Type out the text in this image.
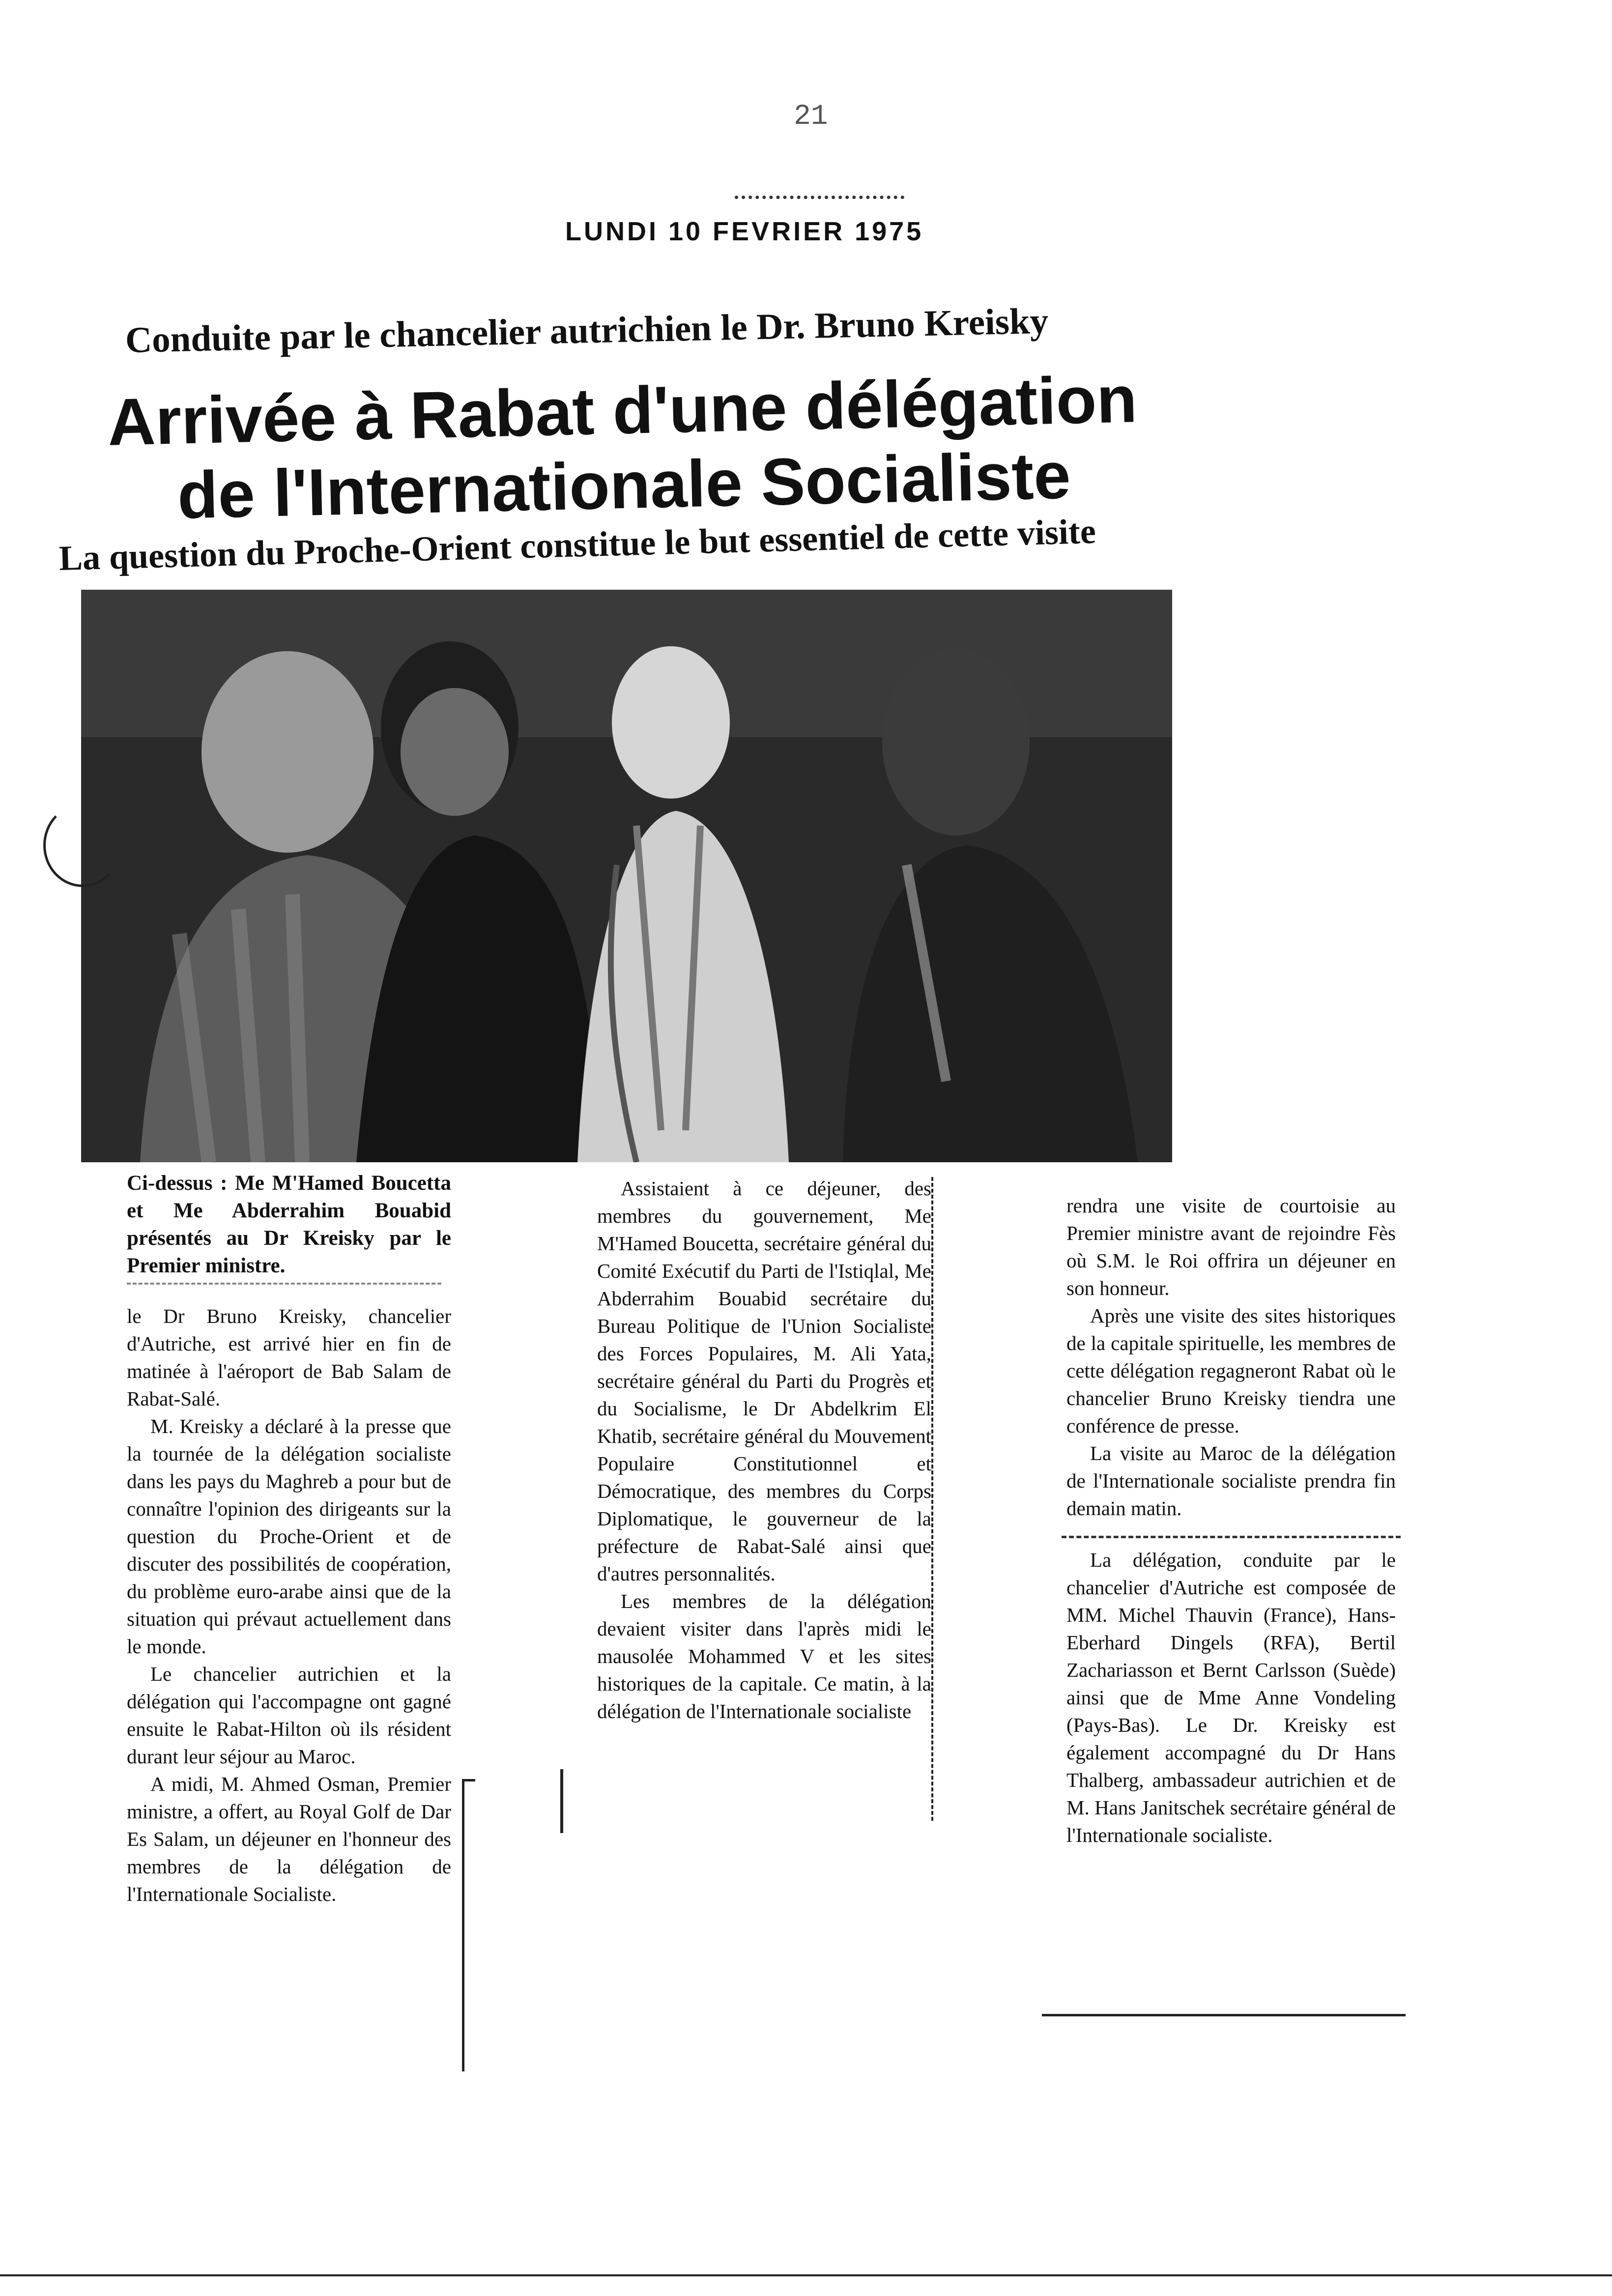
21
LUNDI 10 FEVRIER 1975
Conduite par le chancelier autrichien le Dr. Bruno Kreisky
Arrivée à Rabat d'une délégation
de l'Internationale Socialiste
La question du Proche-Orient constitue le but essentiel de cette visite

Ci-dessus : Me M'Hamed Boucetta et Me Abderrahim Bouabid présentés au Dr Kreisky par le Premier ministre.

le Dr Bruno Kreisky, chancelier d'Autriche, est arrivé hier en fin de matinée à l'aéroport de Bab Salam de Rabat-Salé.

M. Kreisky a déclaré à la presse que la tournée de la délégation socialiste dans les pays du Maghreb a pour but de connaître l'opinion des dirigeants sur la question du Proche-Orient et de discuter des possibilités de coopération, du problème euro-arabe ainsi que de la situation qui prévaut actuellement dans le monde.

Le chancelier autrichien et la délégation qui l'accompagne ont gagné ensuite le Rabat-Hilton où ils résident durant leur séjour au Maroc.

A midi, M. Ahmed Osman, Premier ministre, a offert, au Royal Golf de Dar Es Salam, un déjeuner en l'honneur des membres de la délégation de l'Internationale Socialiste.

Assistaient à ce déjeuner, des membres du gouvernement, Me M'Hamed Boucetta, secrétaire général du Comité Exécutif du Parti de l'Istiqlal, Me Abderrahim Bouabid secrétaire du Bureau Politique de l'Union Socialiste des Forces Populaires, M. Ali Yata, secrétaire général du Parti du Progrès et du Socialisme, le Dr Abdelkrim El Khatib, secrétaire général du Mouvement Populaire Constitutionnel et Démocratique, des membres du Corps Diplomatique, le gouverneur de la préfecture de Rabat-Salé ainsi que d'autres personnalités.

Les membres de la délégation devaient visiter dans l'après midi le mausolée Mohammed V et les sites historiques de la capitale. Ce matin, à la délégation de l'Internationale socialiste

rendra une visite de courtoisie au Premier ministre avant de rejoindre Fès où S.M. le Roi offrira un déjeuner en son honneur.

Après une visite des sites historiques de la capitale spirituelle, les membres de cette délégation regagneront Rabat où le chancelier Bruno Kreisky tiendra une conférence de presse.

La visite au Maroc de la délégation de l'Internationale socialiste prendra fin demain matin.

La délégation, conduite par le chancelier d'Autriche est composée de MM. Michel Thauvin (France), Hans-Eberhard Dingels (RFA), Bertil Zachariasson et Bernt Carlsson (Suède) ainsi que de Mme Anne Vondeling (Pays-Bas). Le Dr. Kreisky est également accompagné du Dr Hans Thalberg, ambassadeur autrichien et de M. Hans Janitschek secrétaire général de l'Internationale socialiste.
